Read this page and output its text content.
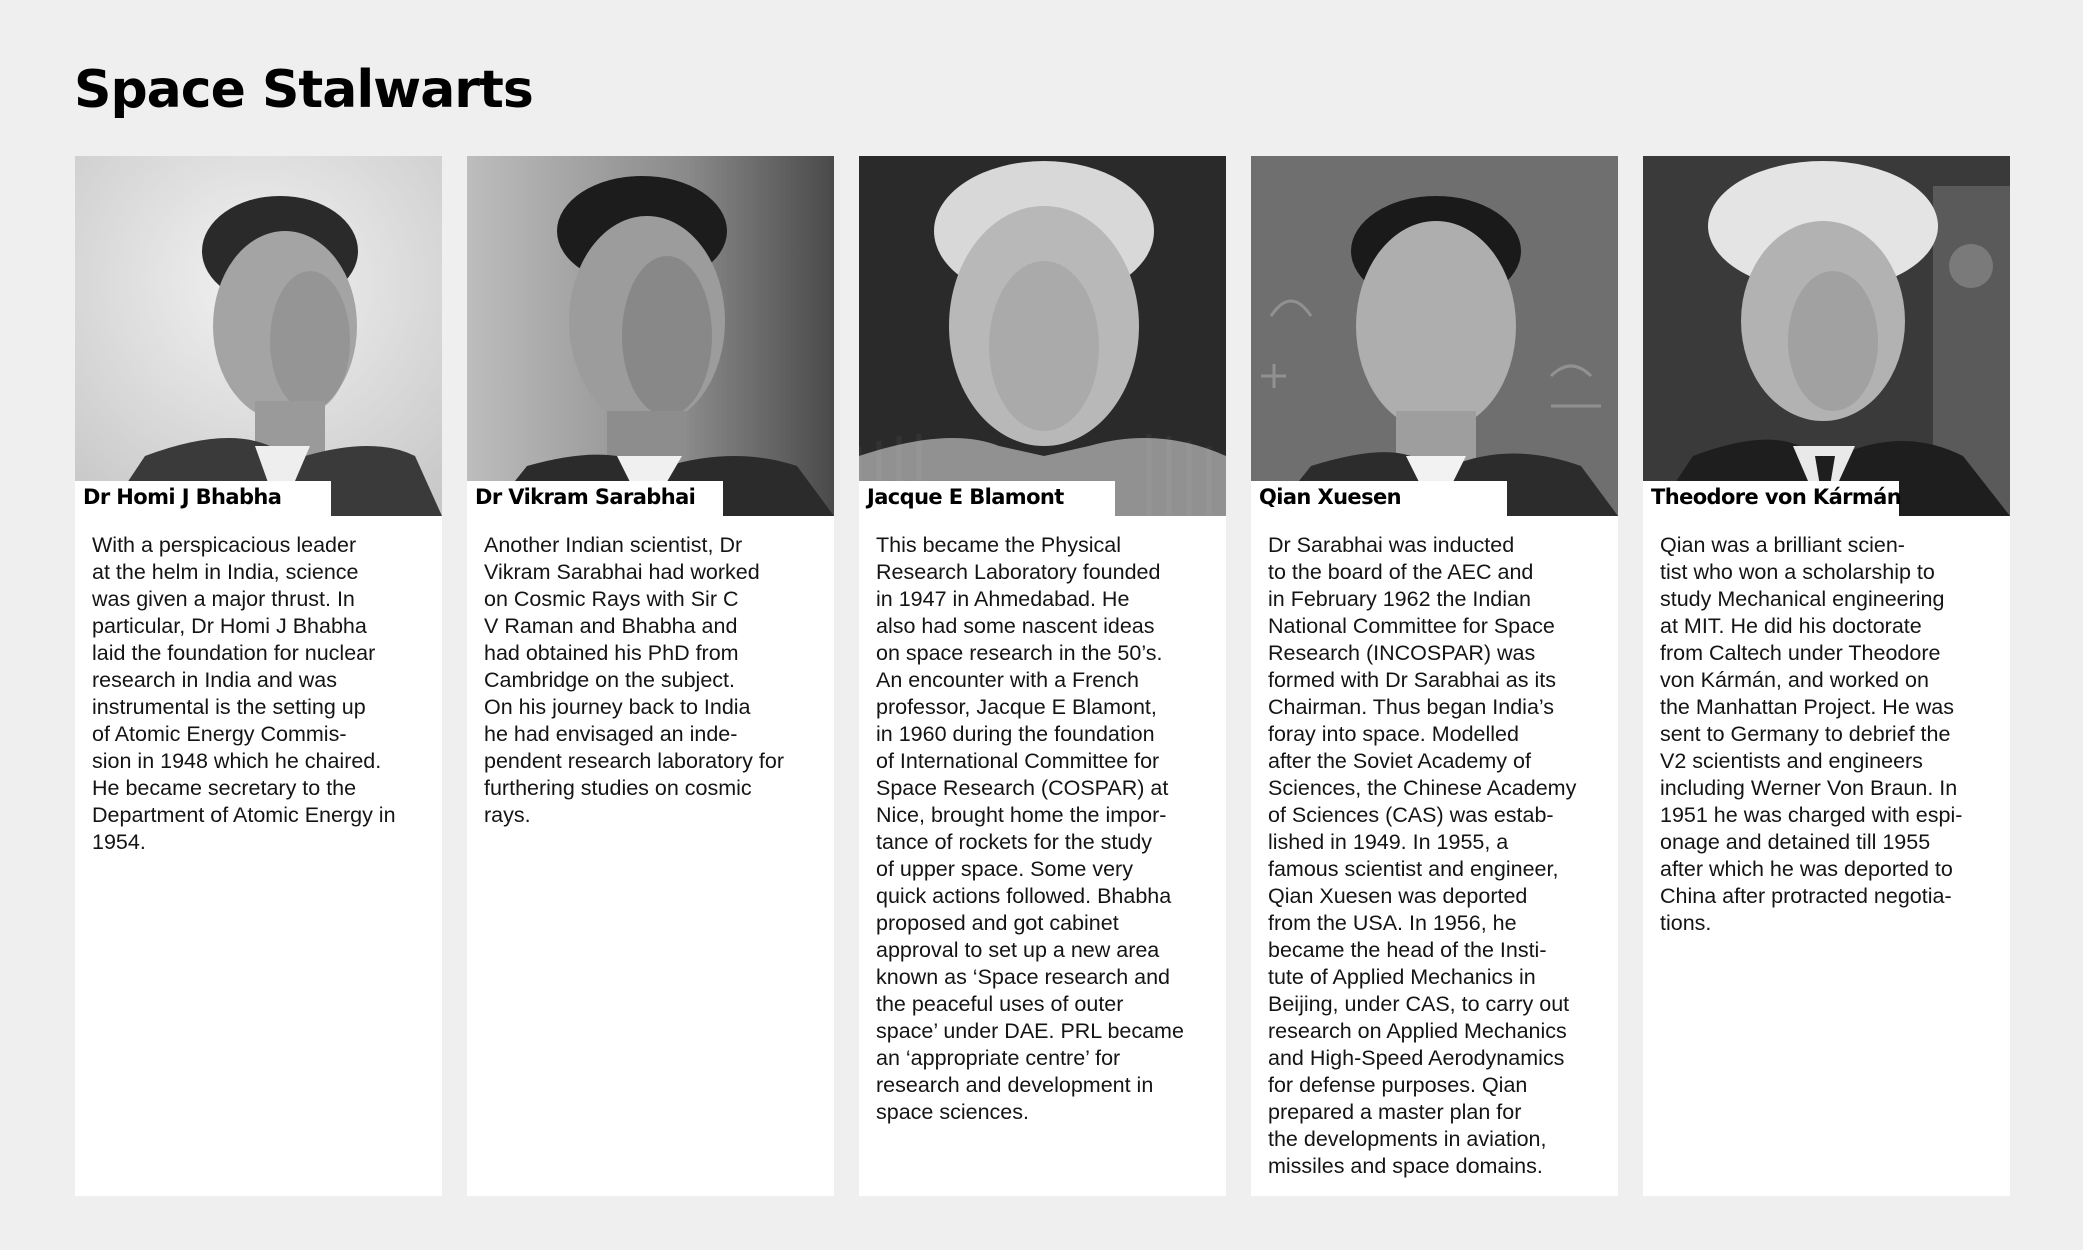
Space Stalwarts
Dr Homi J Bhabha

With a perspicacious leader
at the helm in India, science
was given a major thrust. In
particular, Dr Homi J Bhabha
laid the foundation for nuclear
research in India and was
instrumental is the setting up
of Atomic Energy Commis-
sion in 1948 which he chaired.
He became secretary to the
Department of Atomic Energy in
1954.

Dr Vikram Sarabhai

Another Indian scientist, Dr
Vikram Sarabhai had worked
on Cosmic Rays with Sir C
V Raman and Bhabha and
had obtained his PhD from
Cambridge on the subject.
On his journey back to India
he had envisaged an inde-
pendent research laboratory for
furthering studies on cosmic
rays.

Jacque E Blamont

This became the Physical
Research Laboratory founded
in 1947 in Ahmedabad. He
also had some nascent ideas
on space research in the 50’s.
An encounter with a French
professor, Jacque E Blamont,
in 1960 during the foundation
of International Committee for
Space Research (COSPAR) at
Nice, brought home the impor-
tance of rockets for the study
of upper space. Some very
quick actions followed. Bhabha
proposed and got cabinet
approval to set up a new area
known as ‘Space research and
the peaceful uses of outer
space’ under DAE. PRL became
an ‘appropriate centre’ for
research and development in
space sciences.

Qian Xuesen

Dr Sarabhai was inducted
to the board of the AEC and
in February 1962 the Indian
National Committee for Space
Research (INCOSPAR) was
formed with Dr Sarabhai as its
Chairman. Thus began India’s
foray into space. Modelled
after the Soviet Academy of
Sciences, the Chinese Academy
of Sciences (CAS) was estab-
lished in 1949. In 1955, a
famous scientist and engineer,
Qian Xuesen was deported
from the USA. In 1956, he
became the head of the Insti-
tute of Applied Mechanics in
Beijing, under CAS, to carry out
research on Applied Mechanics
and High-Speed Aerodynamics
for defense purposes. Qian
prepared a master plan for
the developments in aviation,
missiles and space domains.

Theodore von Kármán

Qian was a brilliant scien-
tist who won a scholarship to
study Mechanical engineering
at MIT. He did his doctorate
from Caltech under Theodore
von Kármán, and worked on
the Manhattan Project. He was
sent to Germany to debrief the
V2 scientists and engineers
including Werner Von Braun. In
1951 he was charged with espi-
onage and detained till 1955
after which he was deported to
China after protracted negotia-
tions.
